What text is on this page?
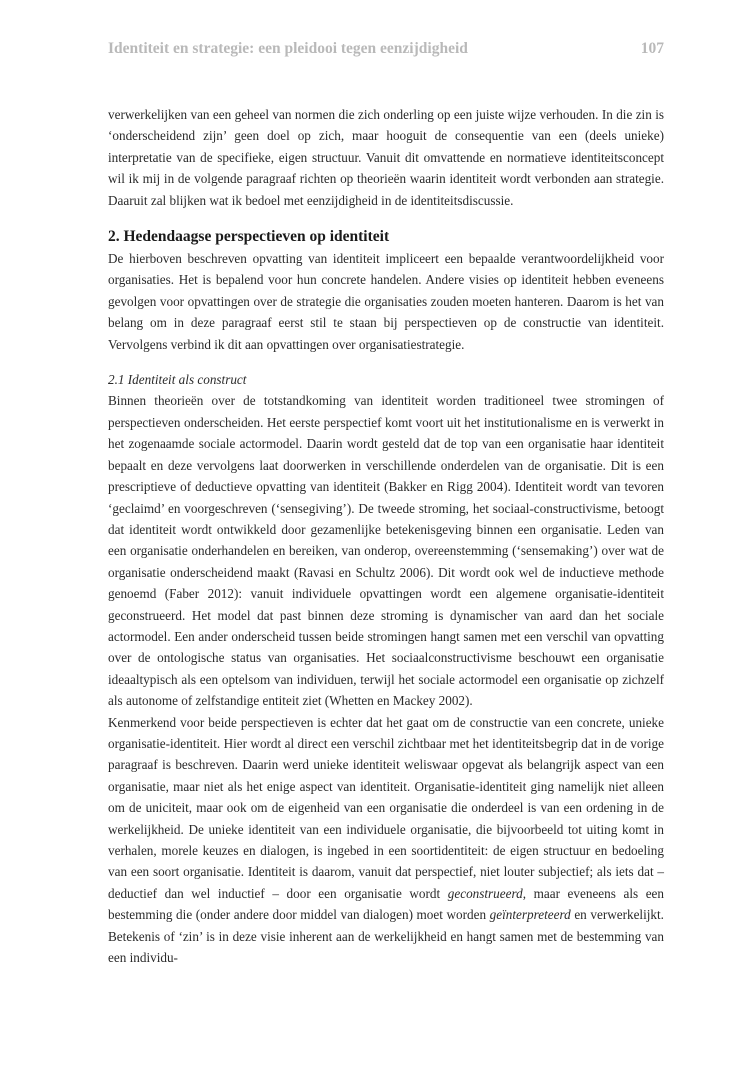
Identiteit en strategie: een pleidooi tegen eenzijdigheid	107

verwerkelijken van een geheel van normen die zich onderling op een juiste wijze verhouden. In die zin is ‘onderscheidend zijn’ geen doel op zich, maar hooguit de consequentie van een (deels unieke) interpretatie van de specifieke, eigen structuur. Vanuit dit omvattende en normatieve identiteitsconcept wil ik mij in de volgende paragraaf richten op theorieën waarin identiteit wordt verbonden aan strategie. Daaruit zal blijken wat ik bedoel met eenzijdigheid in de identiteitsdiscussie.

2. Hedendaagse perspectieven op identiteit

De hierboven beschreven opvatting van identiteit impliceert een bepaalde verantwoordelijkheid voor organisaties. Het is bepalend voor hun concrete handelen. Andere visies op identiteit hebben eveneens gevolgen voor opvattingen over de strategie die organisaties zouden moeten hanteren. Daarom is het van belang om in deze paragraaf eerst stil te staan bij perspectieven op de constructie van identiteit. Vervolgens verbind ik dit aan opvattingen over organisatiestrategie.

2.1 Identiteit als construct

Binnen theorieën over de totstandkoming van identiteit worden traditioneel twee stromingen of perspectieven onderscheiden. Het eerste perspectief komt voort uit het institutionalisme en is verwerkt in het zogenaamde sociale actormodel. Daarin wordt gesteld dat de top van een organisatie haar identiteit bepaalt en deze vervolgens laat doorwerken in verschillende onderdelen van de organisatie. Dit is een prescriptieve of deductieve opvatting van identiteit (Bakker en Rigg 2004). Identiteit wordt van tevoren ‘geclaimd’ en voorgeschreven (‘sensegiving’). De tweede stroming, het sociaal-constructivisme, betoogt dat identiteit wordt ontwikkeld door gezamenlijke betekenisgeving binnen een organisatie. Leden van een organisatie onderhandelen en bereiken, van onderop, overeenstemming (‘sensemaking’) over wat de organisatie onderscheidend maakt (Ravasi en Schultz 2006). Dit wordt ook wel de inductieve methode genoemd (Faber 2012): vanuit individuele opvattingen wordt een algemene organisatie-identiteit geconstrueerd. Het model dat past binnen deze stroming is dynamischer van aard dan het sociale actormodel. Een ander onderscheid tussen beide stromingen hangt samen met een verschil van opvatting over de ontologische status van organisaties. Het sociaalconstructivisme beschouwt een organisatie ideaaltypisch als een optelsom van individuen, terwijl het sociale actormodel een organisatie op zichzelf als autonome of zelfstandige entiteit ziet (Whetten en Mackey 2002).

Kenmerkend voor beide perspectieven is echter dat het gaat om de constructie van een concrete, unieke organisatie-identiteit. Hier wordt al direct een verschil zichtbaar met het identiteitsbegrip dat in de vorige paragraaf is beschreven. Daarin werd unieke identiteit weliswaar opgevat als belangrijk aspect van een organisatie, maar niet als het enige aspect van identiteit. Organisatie-identiteit ging namelijk niet alleen om de uniciteit, maar ook om de eigenheid van een organisatie die onderdeel is van een ordening in de werkelijkheid. De unieke identiteit van een individuele organisatie, die bijvoorbeeld tot uiting komt in verhalen, morele keuzes en dialogen, is ingebed in een soortidentiteit: de eigen structuur en bedoeling van een soort organisatie. Identiteit is daarom, vanuit dat perspectief, niet louter subjectief; als iets dat – deductief dan wel inductief – door een organisatie wordt geconstrueerd, maar eveneens als een bestemming die (onder andere door middel van dialogen) moet worden geïnterpreteerd en verwerkelijkt. Betekenis of ‘zin’ is in deze visie inherent aan de werkelijkheid en hangt samen met de bestemming van een individu-
